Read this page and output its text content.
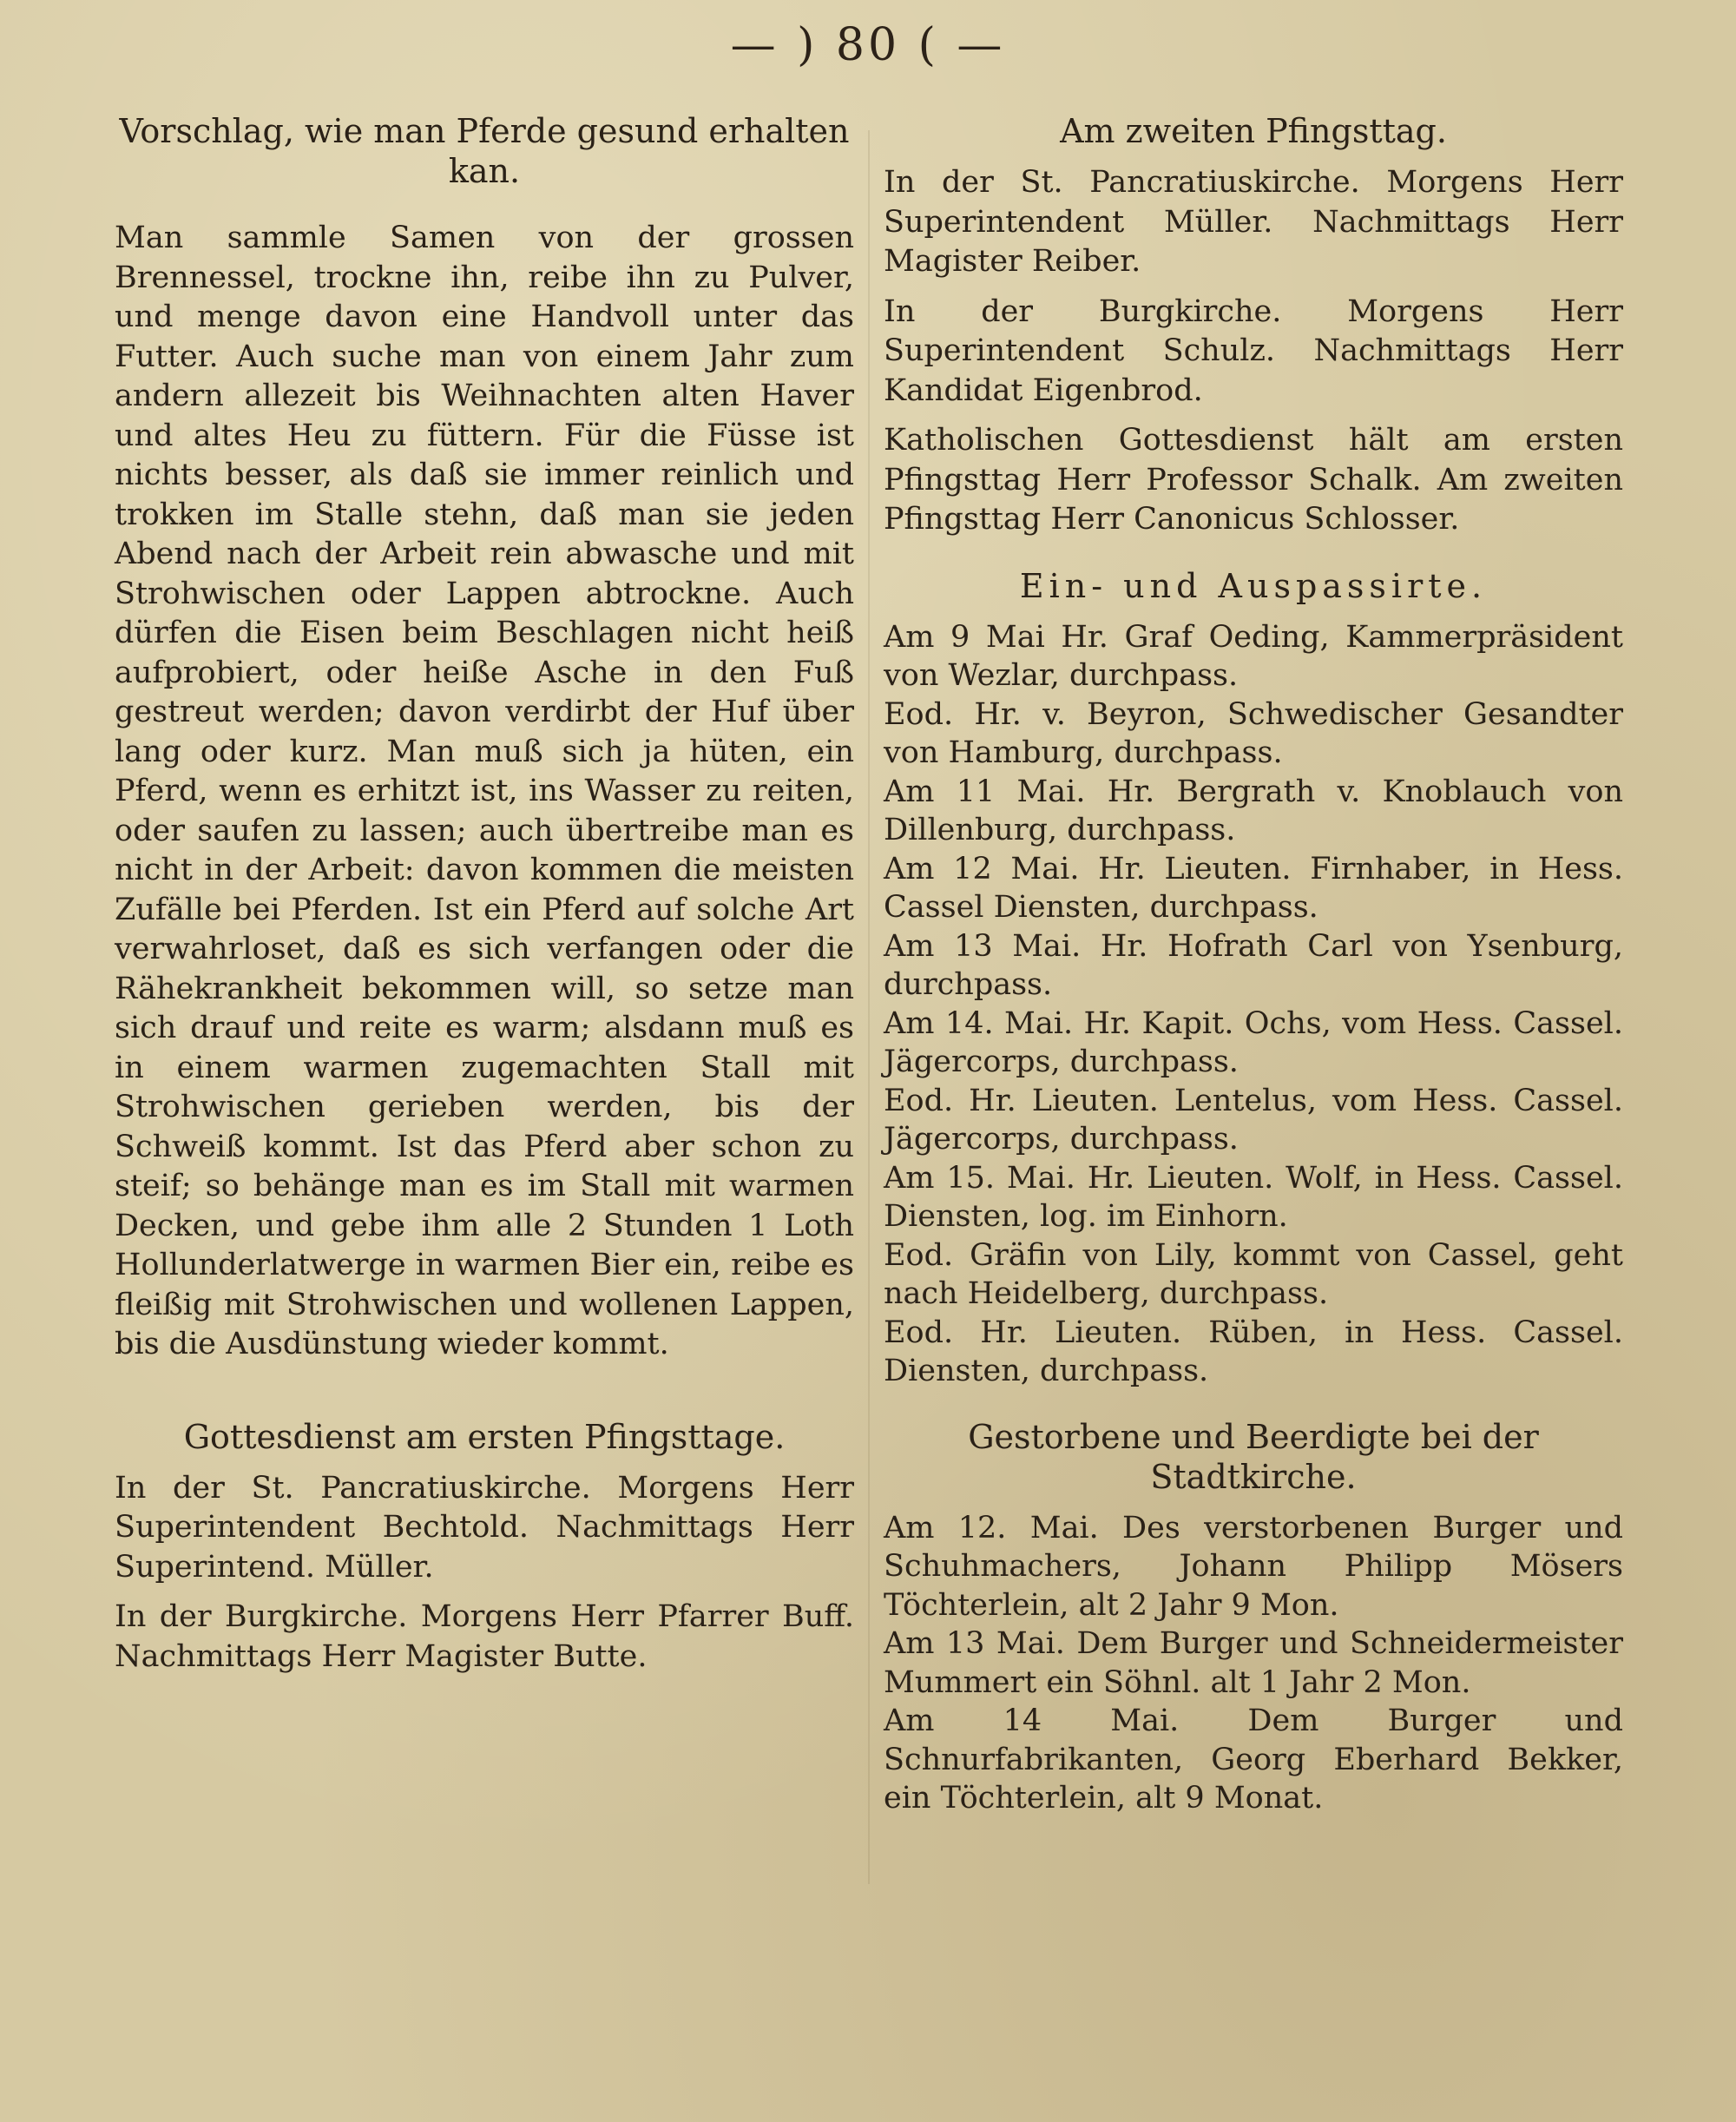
— ) 80 ( —
Vorschlag, wie man Pferde gesund erhalten kan.
Man sammle Samen von der grossen Brennessel, trockne ihn, reibe ihn zu Pulver, und menge davon eine Handvoll unter das Futter. Auch suche man von einem Jahr zum andern allezeit bis Weihnachten alten Haver und altes Heu zu füttern. Für die Füsse ist nichts besser, als daß sie immer reinlich und trokken im Stalle stehn, daß man sie jeden Abend nach der Arbeit rein abwasche und mit Strohwischen oder Lappen abtrockne. Auch dürfen die Eisen beim Beschlagen nicht heiß aufprobiert, oder heiße Asche in den Fuß gestreut werden; davon verdirbt der Huf über lang oder kurz. Man muß sich ja hüten, ein Pferd, wenn es erhitzt ist, ins Wasser zu reiten, oder saufen zu lassen; auch übertreibe man es nicht in der Arbeit: davon kommen die meisten Zufälle bei Pferden. Ist ein Pferd auf solche Art verwahrloset, daß es sich verfangen oder die Rähekrankheit bekommen will, so setze man sich drauf und reite es warm; alsdann muß es in einem warmen zugemachten Stall mit Strohwischen gerieben werden, bis der Schweiß kommt. Ist das Pferd aber schon zu steif; so behänge man es im Stall mit warmen Decken, und gebe ihm alle 2 Stunden 1 Loth Hollunderlatwerge in warmen Bier ein, reibe es fleißig mit Strohwischen und wollenen Lappen, bis die Ausdünstung wieder kommt.
Gottesdienst am ersten Pfingsttage.
In der St. Pancratiuskirche. Morgens Herr Superintendent Bechtold. Nachmittags Herr Superintend. Müller.
In der Burgkirche. Morgens Herr Pfarrer Buff. Nachmittags Herr Magister Butte.
Am zweiten Pfingsttag.
In der St. Pancratiuskirche. Morgens Herr Superintendent Müller. Nachmittags Herr Magister Reiber.
In der Burgkirche. Morgens Herr Superintendent Schulz. Nachmittags Herr Kandidat Eigenbrod.
Katholischen Gottesdienst hält am ersten Pfingsttag Herr Professor Schalk. Am zweiten Pfingsttag Herr Canonicus Schlosser.
Ein- und Auspassirte.
Am 9 Mai Hr. Graf Oeding, Kammerpräsident von Wezlar, durchpass.
Eod. Hr. v. Beyron, Schwedischer Gesandter von Hamburg, durchpass.
Am 11 Mai. Hr. Bergrath v. Knoblauch von Dillenburg, durchpass.
Am 12 Mai. Hr. Lieuten. Firnhaber, in Hess. Cassel Diensten, durchpass.
Am 13 Mai. Hr. Hofrath Carl von Ysenburg, durchpass.
Am 14. Mai. Hr. Kapit. Ochs, vom Hess. Cassel. Jägercorps, durchpass.
Eod. Hr. Lieuten. Lentelus, vom Hess. Cassel. Jägercorps, durchpass.
Am 15. Mai. Hr. Lieuten. Wolf, in Hess. Cassel. Diensten, log. im Einhorn.
Eod. Gräfin von Lily, kommt von Cassel, geht nach Heidelberg, durchpass.
Eod. Hr. Lieuten. Rüben, in Hess. Cassel. Diensten, durchpass.
Gestorbene und Beerdigte bei der Stadtkirche.
Am 12. Mai. Des verstorbenen Burger und Schuhmachers, Johann Philipp Mösers Töchterlein, alt 2 Jahr 9 Mon.
Am 13 Mai. Dem Burger und Schneidermeister Mummert ein Söhnl. alt 1 Jahr 2 Mon.
Am 14 Mai. Dem Burger und Schnurfabrikanten, Georg Eberhard Bekker, ein Töchterlein, alt 9 Monat.
